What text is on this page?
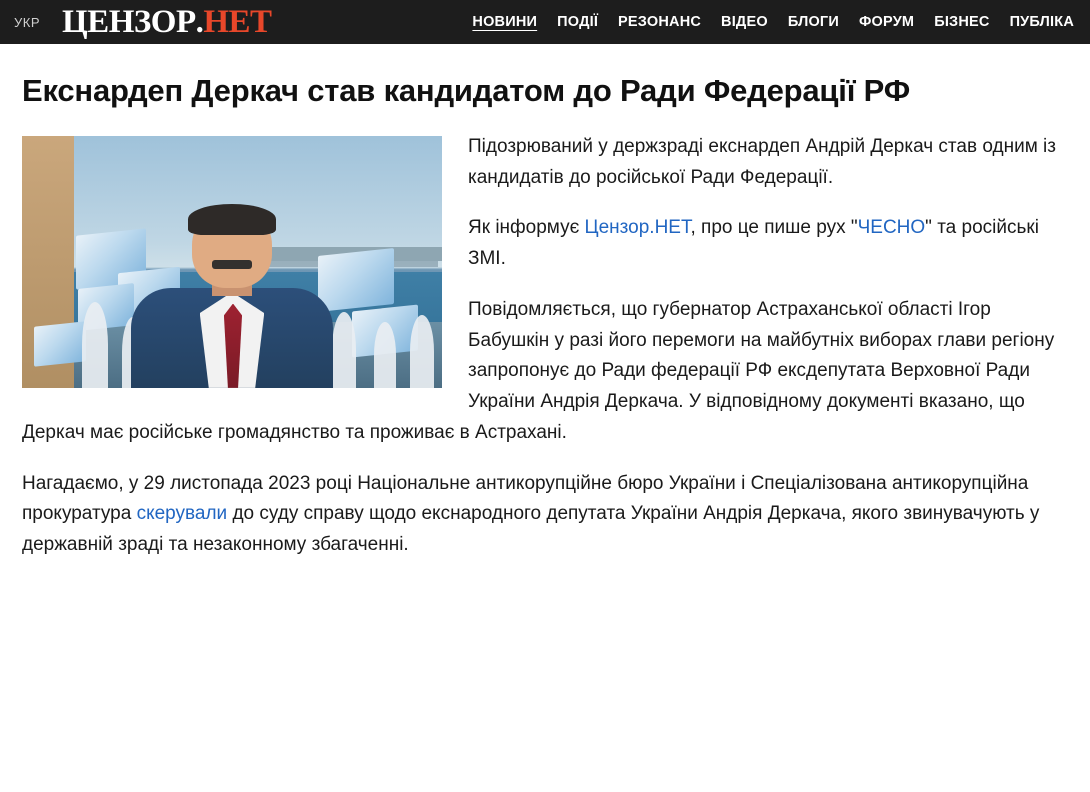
УКР ЦЕНЗОР . НЕТ	НОВИНИ ПОДІЇ РЕЗОНАНС ВІДЕО БЛОГИ ФОРУМ БІЗНЕС ПУБЛІКА
Екснардеп Деркач став кандидатом до Ради Федерації РФ

Підозрюваний у держзраді екснардеп Андрій Деркач став одним із кандидатів до російської Ради Федерації.

Як інформує Цензор.НЕТ, про це пише рух "ЧЕСНО" та російські ЗМІ.

Повідомляється, що губернатор Астраханської області Ігор Бабушкін у разі його перемоги на майбутніх виборах глави регіону запропонує до Ради федерації РФ ексдепутата Верховної Ради України Андрія Деркача. У відповідному документі вказано, що Деркач має російське громадянство та проживає в Астрахані.

Нагадаємо, у 29 листопада 2023 році Національне антикорупційне бюро України і Спеціалізована антикорупційна прокуратура скерували до суду справу щодо екснародного депутата України Андрія Деркача, якого звинувачують у державній зраді та незаконному збагаченні.
